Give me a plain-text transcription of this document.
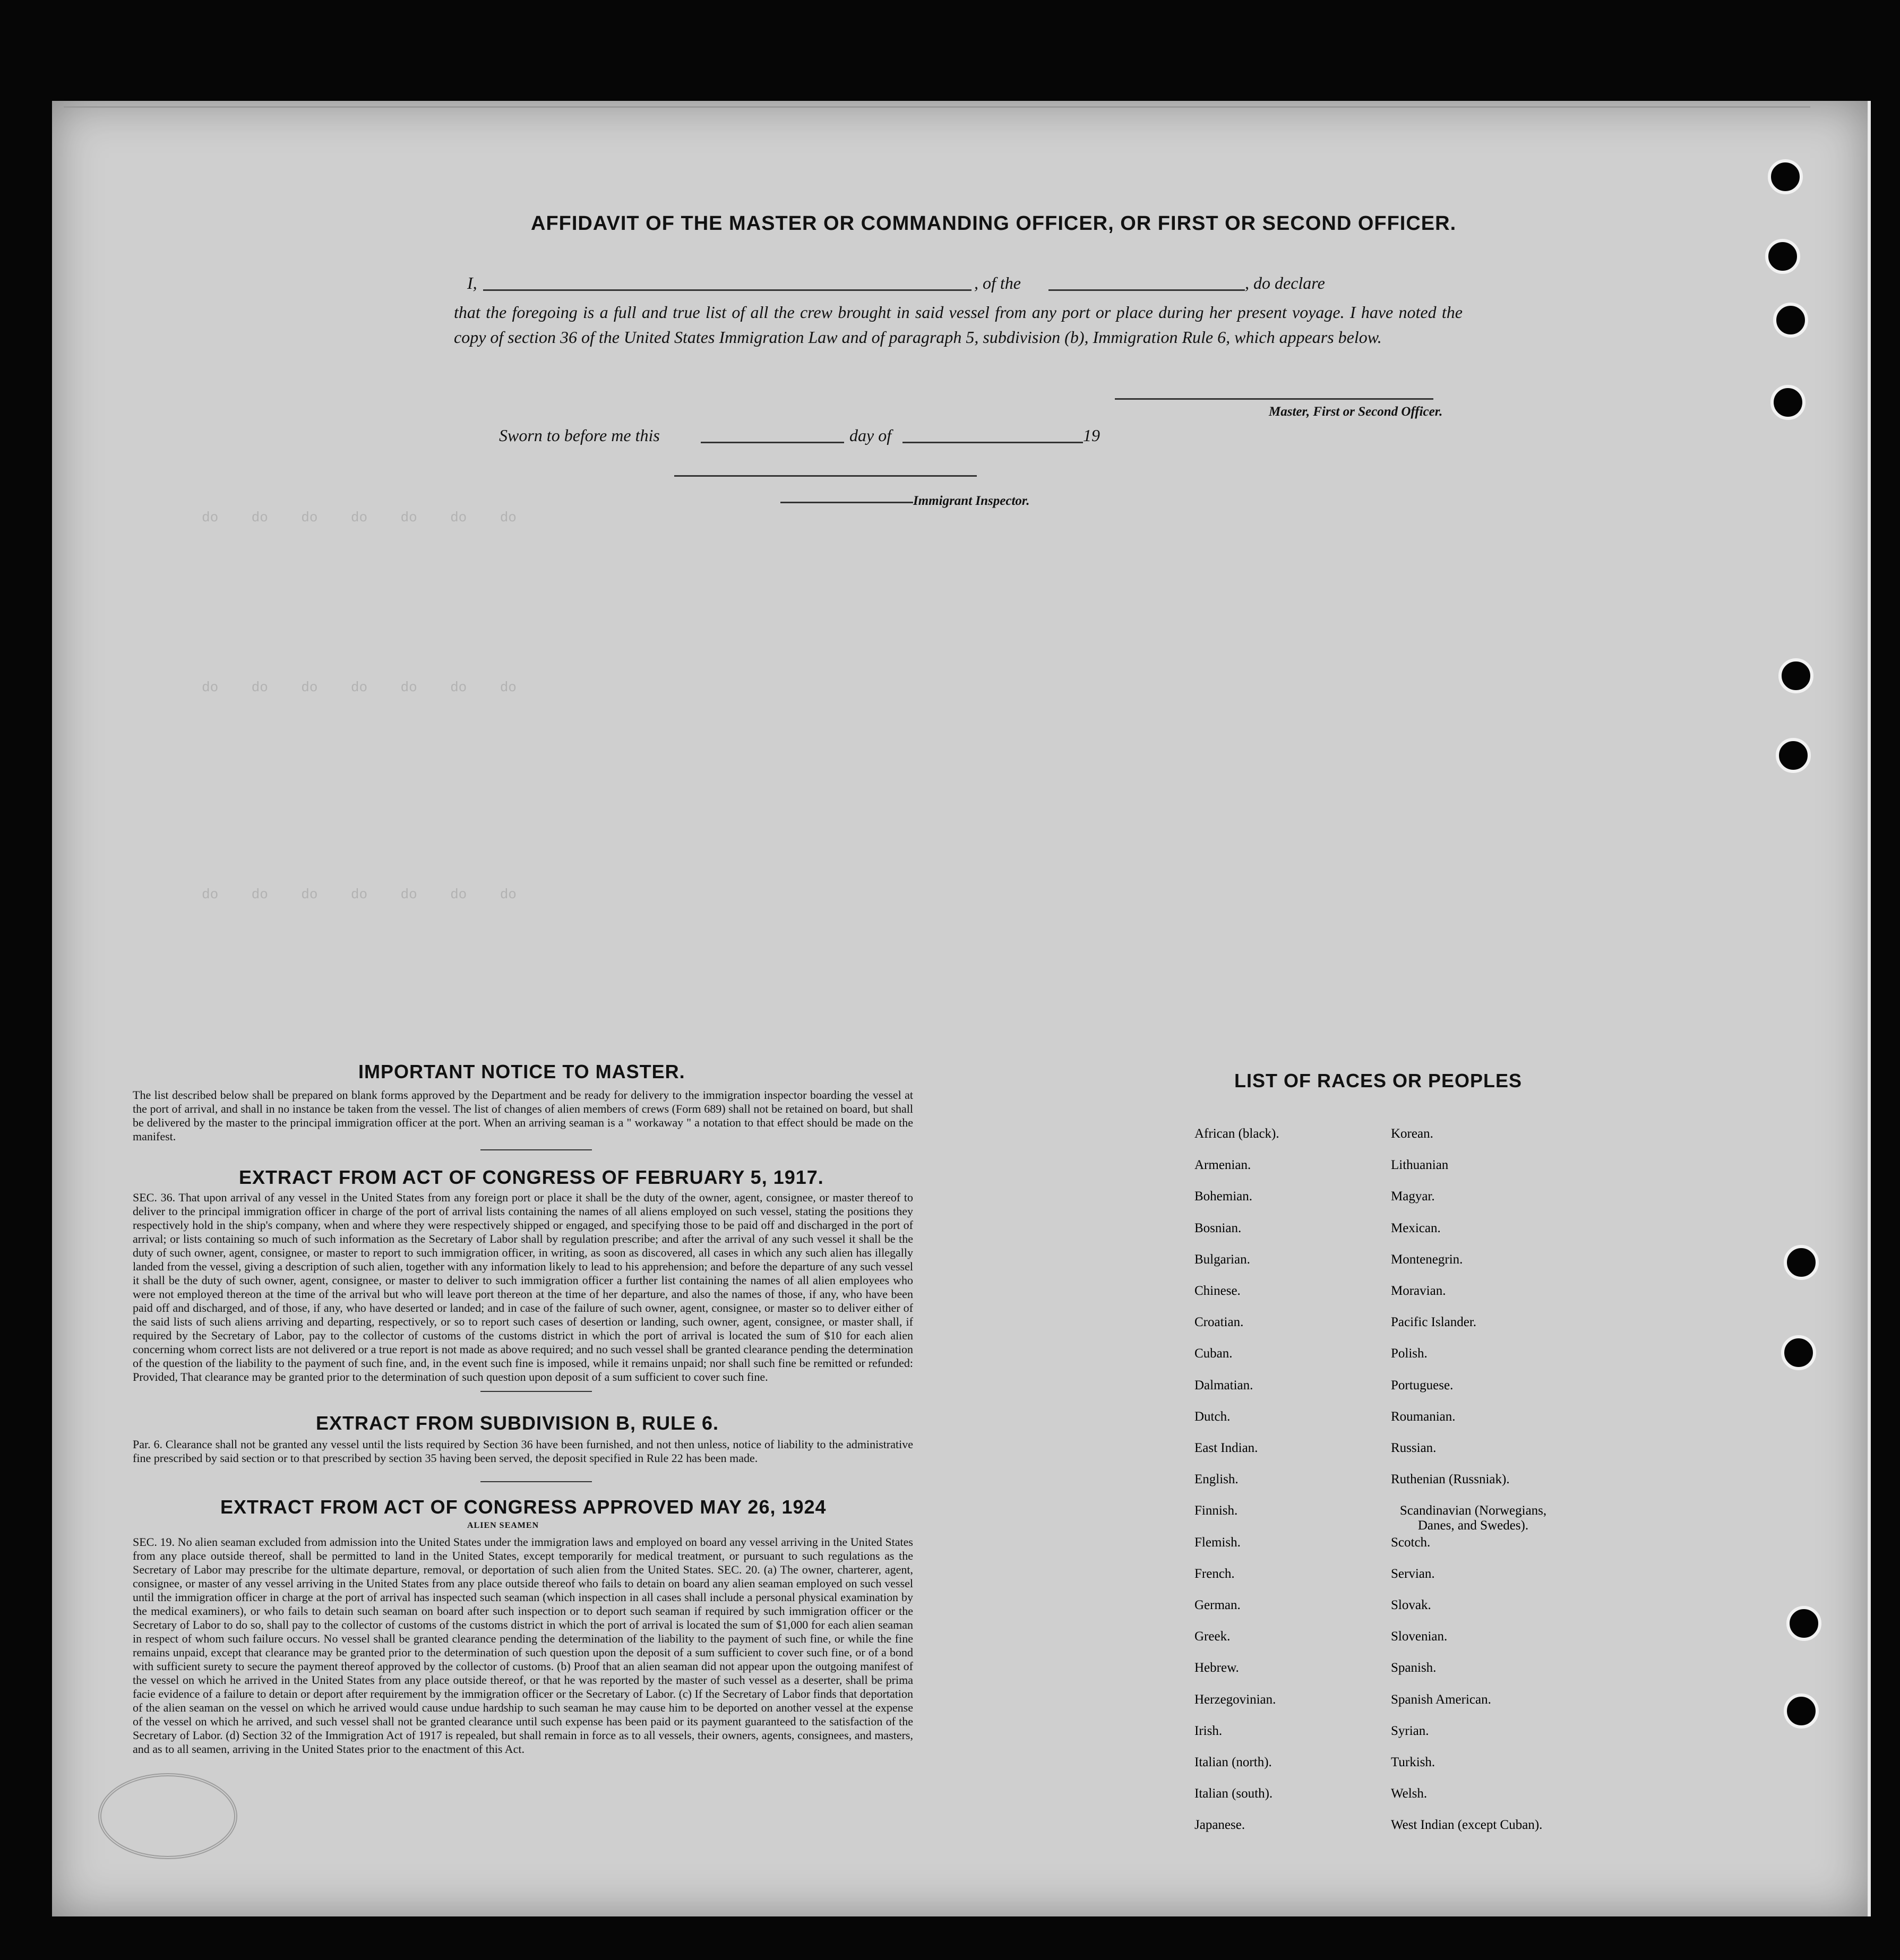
do    do    do    do    do    do    do
do    do    do    do    do    do    do
do    do    do    do    do    do    do
AFFIDAVIT OF THE MASTER OR COMMANDING OFFICER, OR FIRST OR SECOND OFFICER.
I,	, of the	, do declare
that the foregoing is a full and true list of all the crew brought in said vessel from any port or place during her present voyage. I have noted the copy of section 36 of the United States Immigration Law and of paragraph 5, subdivision (b), Immigration Rule 6, which appears below.
Master, First or Second Officer.
Sworn to before me this	day of	19
Immigrant Inspector.
IMPORTANT NOTICE TO MASTER.
The list described below shall be prepared on blank forms approved by the Department and be ready for delivery to the immigration inspector boarding the vessel at the port of arrival, and shall in no instance be taken from the vessel. The list of changes of alien members of crews (Form 689) shall not be retained on board, but shall be delivered by the master to the principal immigration officer at the port. When an arriving seaman is a " workaway " a notation to that effect should be made on the manifest.
EXTRACT FROM ACT OF CONGRESS OF FEBRUARY 5, 1917.
SEC. 36. That upon arrival of any vessel in the United States from any foreign port or place it shall be the duty of the owner, agent, consignee, or master thereof to deliver to the principal immigration officer in charge of the port of arrival lists containing the names of all aliens employed on such vessel, stating the positions they respectively hold in the ship's company, when and where they were respectively shipped or engaged, and specifying those to be paid off and discharged in the port of arrival; or lists containing so much of such information as the Secretary of Labor shall by regulation prescribe; and after the arrival of any such vessel it shall be the duty of such owner, agent, consignee, or master to report to such immigration officer, in writing, as soon as discovered, all cases in which any such alien has illegally landed from the vessel, giving a description of such alien, together with any information likely to lead to his apprehension; and before the departure of any such vessel it shall be the duty of such owner, agent, consignee, or master to deliver to such immigration officer a further list containing the names of all alien employees who were not employed thereon at the time of the arrival but who will leave port thereon at the time of her departure, and also the names of those, if any, who have been paid off and discharged, and of those, if any, who have deserted or landed; and in case of the failure of such owner, agent, consignee, or master so to deliver either of the said lists of such aliens arriving and departing, respectively, or so to report such cases of desertion or landing, such owner, agent, consignee, or master shall, if required by the Secretary of Labor, pay to the collector of customs of the customs district in which the port of arrival is located the sum of $10 for each alien concerning whom correct lists are not delivered or a true report is not made as above required; and no such vessel shall be granted clearance pending the determination of the question of the liability to the payment of such fine, and, in the event such fine is imposed, while it remains unpaid; nor shall such fine be remitted or refunded: Provided, That clearance may be granted prior to the determination of such question upon deposit of a sum sufficient to cover such fine.
EXTRACT FROM SUBDIVISION B, RULE 6.
Par. 6. Clearance shall not be granted any vessel until the lists required by Section 36 have been furnished, and not then unless, notice of liability to the administrative fine prescribed by said section or to that prescribed by section 35 having been served, the deposit specified in Rule 22 has been made.
EXTRACT FROM ACT OF CONGRESS APPROVED MAY 26, 1924
ALIEN SEAMEN
SEC. 19. No alien seaman excluded from admission into the United States under the immigration laws and employed on board any vessel arriving in the United States from any place outside thereof, shall be permitted to land in the United States, except temporarily for medical treatment, or pursuant to such regulations as the Secretary of Labor may prescribe for the ultimate departure, removal, or deportation of such alien from the United States. SEC. 20. (a) The owner, charterer, agent, consignee, or master of any vessel arriving in the United States from any place outside thereof who fails to detain on board any alien seaman employed on such vessel until the immigration officer in charge at the port of arrival has inspected such seaman (which inspection in all cases shall include a personal physical examination by the medical examiners), or who fails to detain such seaman on board after such inspection or to deport such seaman if required by such immigration officer or the Secretary of Labor to do so, shall pay to the collector of customs of the customs district in which the port of arrival is located the sum of $1,000 for each alien seaman in respect of whom such failure occurs. No vessel shall be granted clearance pending the determination of the liability to the payment of such fine, or while the fine remains unpaid, except that clearance may be granted prior to the determination of such question upon the deposit of a sum sufficient to cover such fine, or of a bond with sufficient surety to secure the payment thereof approved by the collector of customs. (b) Proof that an alien seaman did not appear upon the outgoing manifest of the vessel on which he arrived in the United States from any place outside thereof, or that he was reported by the master of such vessel as a deserter, shall be prima facie evidence of a failure to detain or deport after requirement by the immigration officer or the Secretary of Labor. (c) If the Secretary of Labor finds that deportation of the alien seaman on the vessel on which he arrived would cause undue hardship to such seaman he may cause him to be deported on another vessel at the expense of the vessel on which he arrived, and such vessel shall not be granted clearance until such expense has been paid or its payment guaranteed to the satisfaction of the Secretary of Labor. (d) Section 32 of the Immigration Act of 1917 is repealed, but shall remain in force as to all vessels, their owners, agents, consignees, and masters, and as to all seamen, arriving in the United States prior to the enactment of this Act.
LIST OF RACES OR PEOPLES
African (black).
Armenian.
Bohemian.
Bosnian.
Bulgarian.
Chinese.
Croatian.
Cuban.
Dalmatian.
Dutch.
East Indian.
English.
Finnish.
Flemish.
French.
German.
Greek.
Hebrew.
Herzegovinian.
Irish.
Italian (north).
Italian (south).
Japanese.
Korean.
Lithuanian
Magyar.
Mexican.
Montenegrin.
Moravian.
Pacific Islander.
Polish.
Portuguese.
Roumanian.
Russian.
Ruthenian (Russniak).
Scandinavian (Norwegians, Danes, and Swedes).
Scotch.
Servian.
Slovak.
Slovenian.
Spanish.
Spanish American.
Syrian.
Turkish.
Welsh.
West Indian (except Cuban).
